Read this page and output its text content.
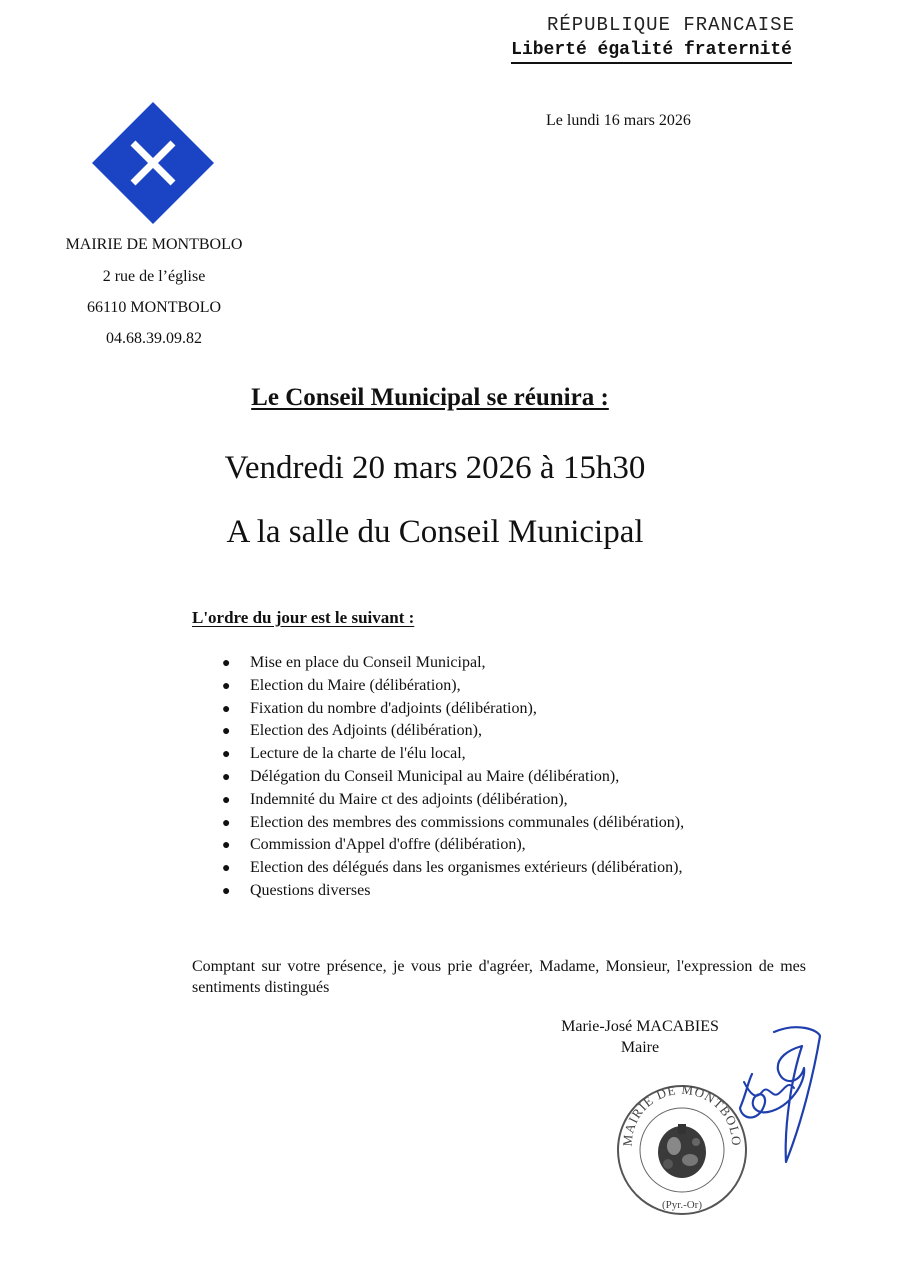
RÉPUBLIQUE FRANCAISE
Liberté égalité fraternité
Le lundi 16 mars 2026
MAIRIE DE MONTBOLO
2 rue de l’église
66110 MONTBOLO
04.68.39.09.82
Le Conseil Municipal se réunira :
Vendredi 20 mars 2026 à 15h30
A la salle du Conseil Municipal
L'ordre du jour est le suivant :
● Mise en place du Conseil Municipal,
● Election du Maire (délibération),
● Fixation du nombre d'adjoints (délibération),
● Election des Adjoints (délibération),
● Lecture de la charte de l'élu local,
● Délégation du Conseil Municipal au Maire (délibération),
● Indemnité du Maire ct des adjoints (délibération),
● Election des membres des commissions communales (délibération),
● Commission d'Appel d'offre (délibération),
● Election des délégués dans les organismes extérieurs (délibération),
● Questions diverses
Comptant sur votre présence, je vous prie d'agréer, Madame, Monsieur, l'expression de mes sentiments distingués
Marie-José MACABIES
Maire
MAIRIE DE MONTBOLO
(Pyr.-Or)
